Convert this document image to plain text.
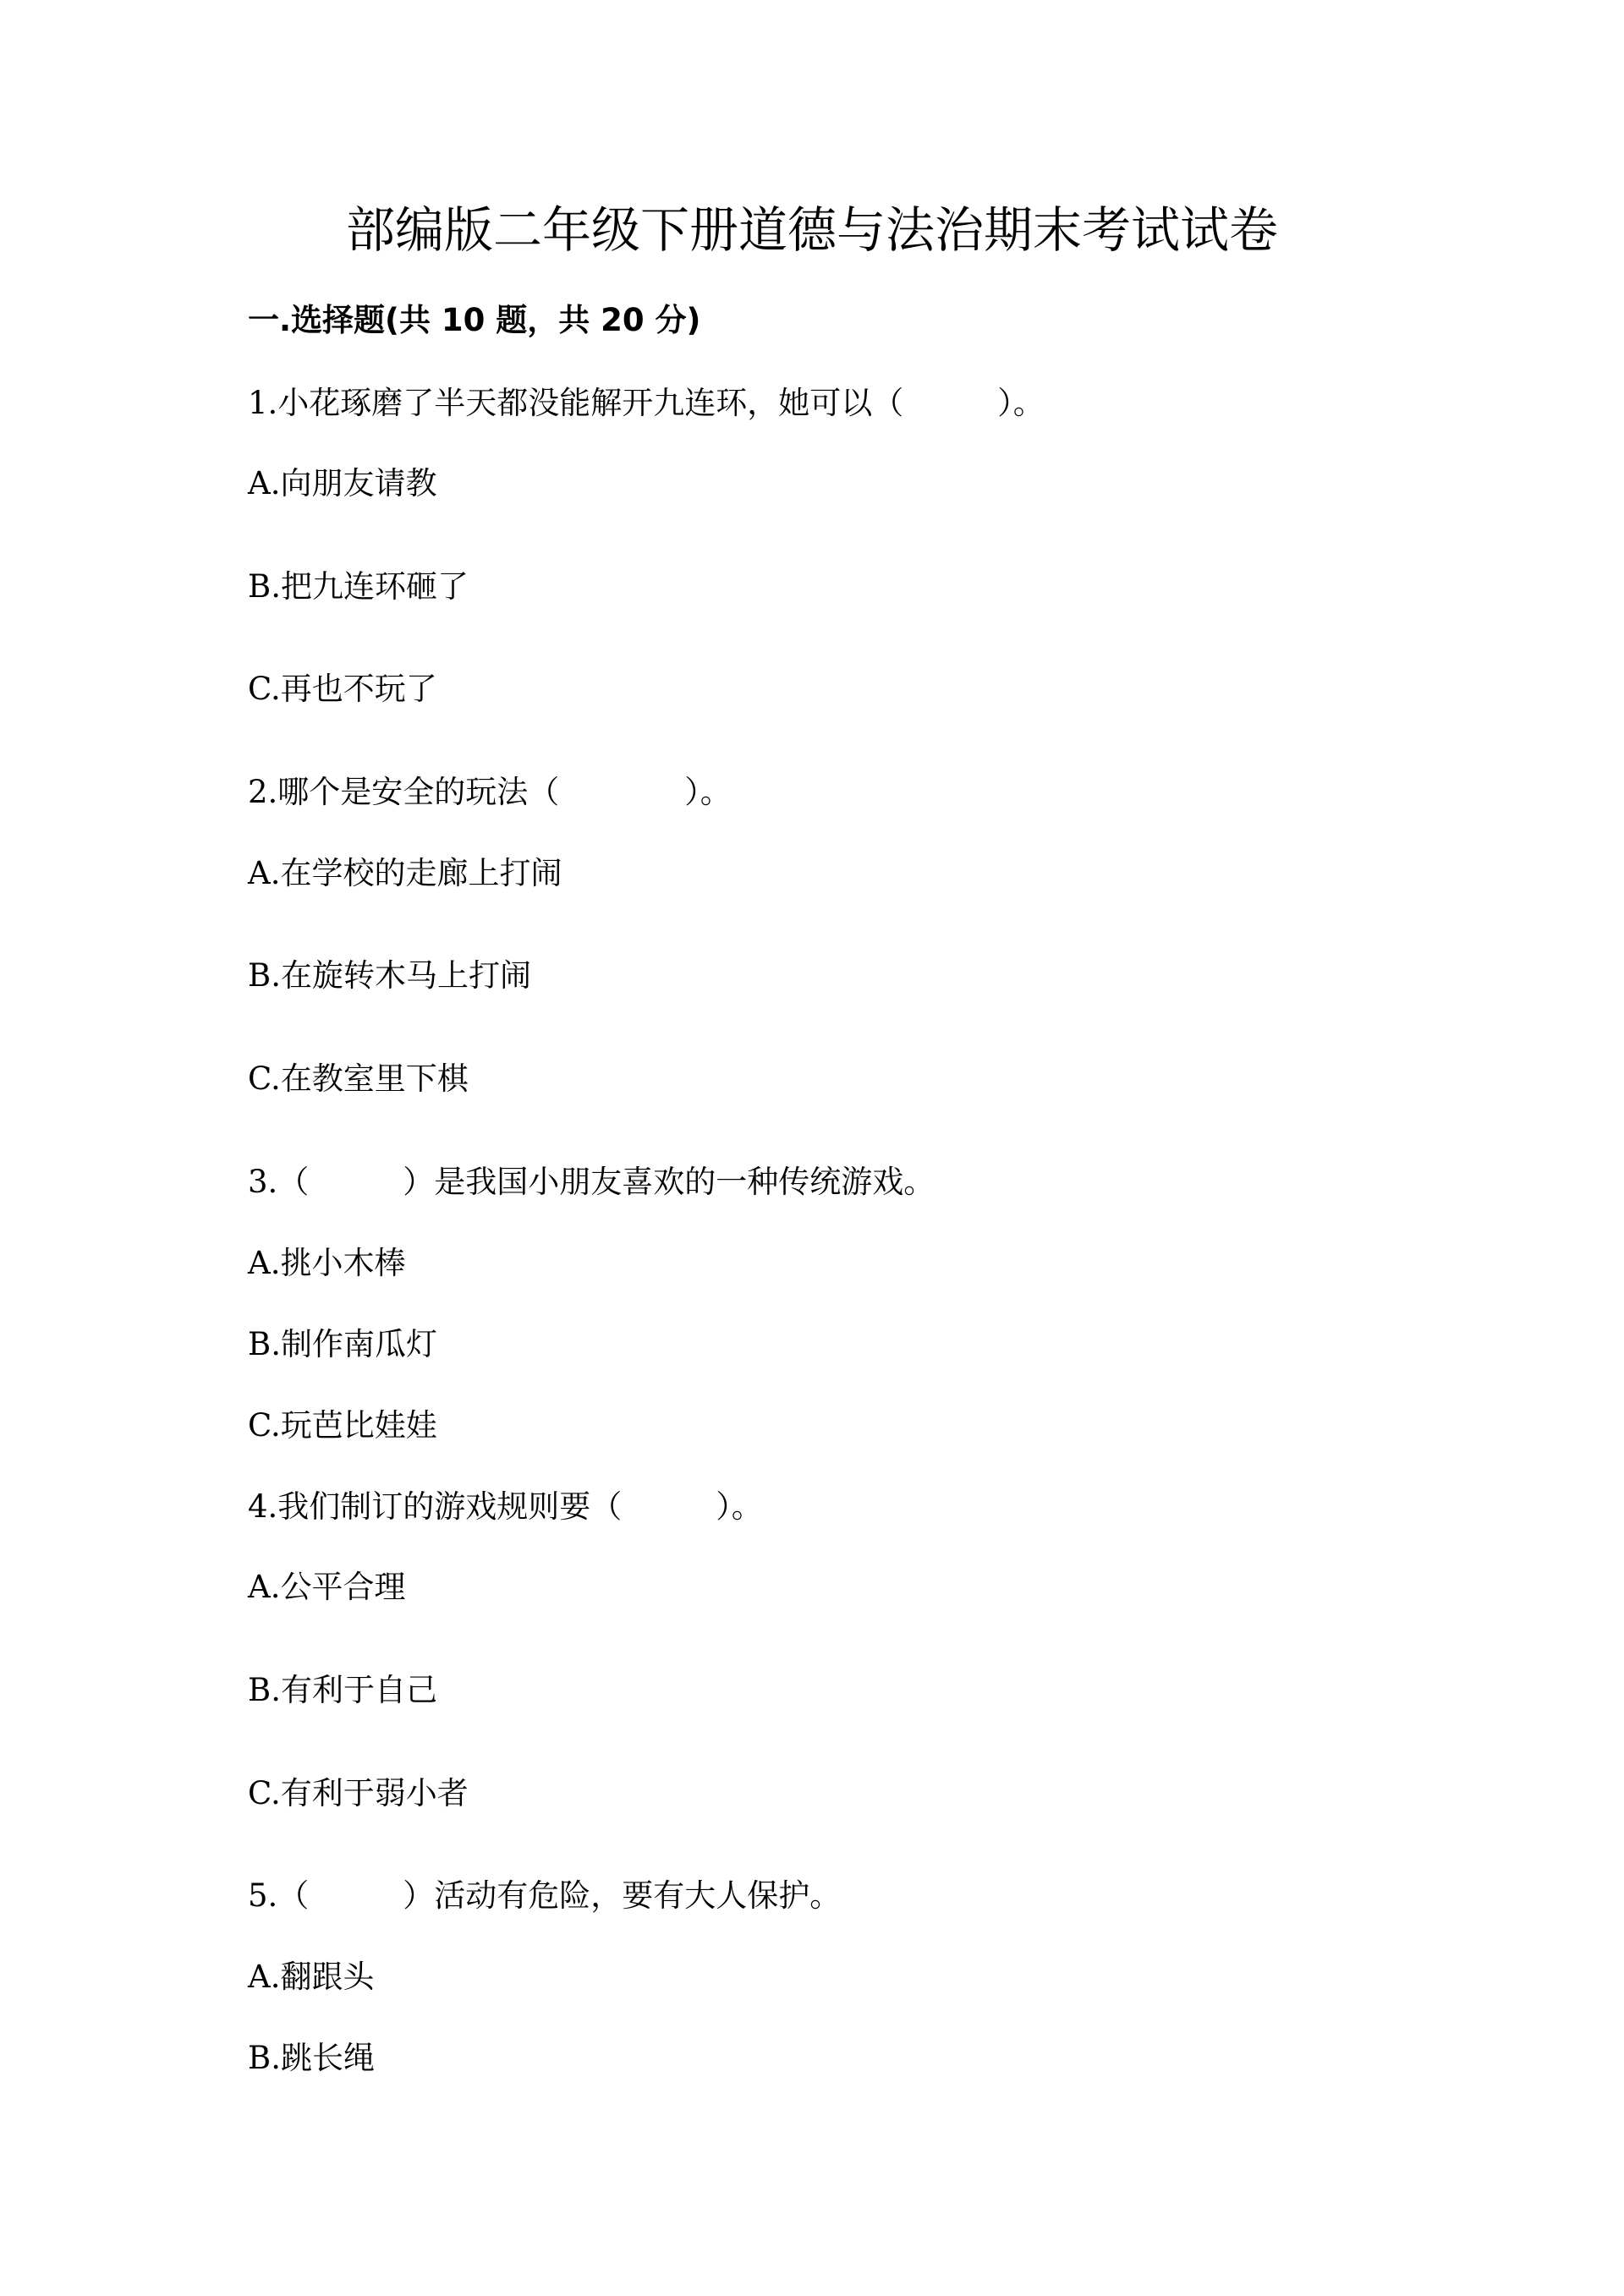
部编版二年级下册道德与法治期末考试试卷
一.选择题(共 10 题，共 20 分)
1.小花琢磨了半天都没能解开九连环，她可以（　　　）。
A.向朋友请教
B.把九连环砸了
C.再也不玩了
2.哪个是安全的玩法（　　　　）。
A.在学校的走廊上打闹
B.在旋转木马上打闹
C.在教室里下棋
3.（　　　）是我国小朋友喜欢的一种传统游戏。
A.挑小木棒
B.制作南瓜灯
C.玩芭比娃娃
4.我们制订的游戏规则要（　　　）。
A.公平合理
B.有利于自己
C.有利于弱小者
5.（　　　）活动有危险，要有大人保护。
A.翻跟头
B.跳长绳
